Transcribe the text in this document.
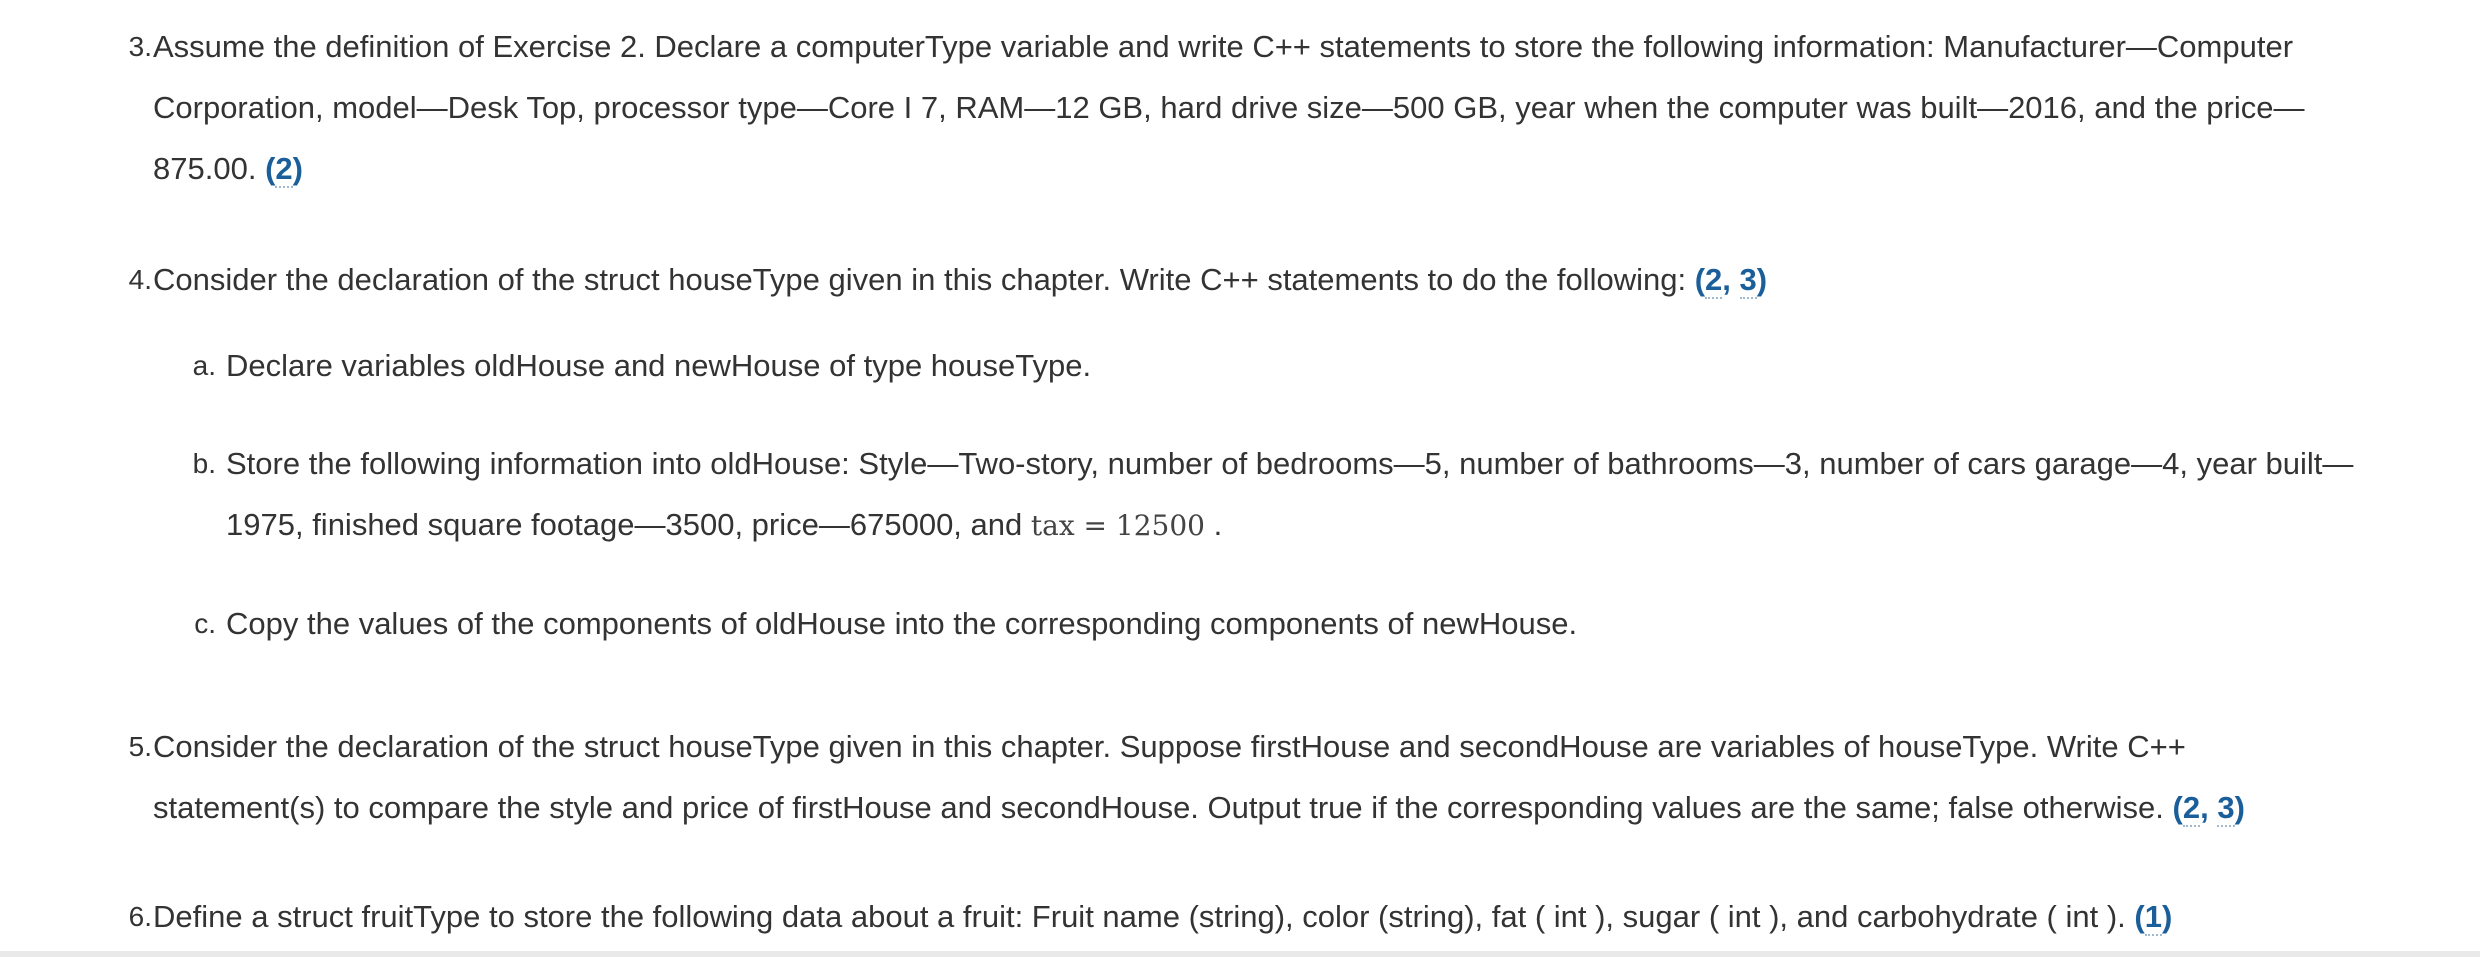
3. Assume the definition of Exercise 2. Declare a computerType variable and write C++ statements to store the following information: Manufacturer—Computer Corporation, model—Desk Top, processor type—Core I 7, RAM—12 GB, hard drive size—500 GB, year when the computer was built—2016, and the price—875.00. (2)
4. Consider the declaration of the struct houseType given in this chapter. Write C++ statements to do the following: (2, 3)
a. Declare variables oldHouse and newHouse of type houseType.
b. Store the following information into oldHouse: Style—Two-story, number of bedrooms—5, number of bathrooms—3, number of cars garage—4, year built—1975, finished square footage—3500, price—675000, and tax = 12500 .
c. Copy the values of the components of oldHouse into the corresponding components of newHouse.
5. Consider the declaration of the struct houseType given in this chapter. Suppose firstHouse and secondHouse are variables of houseType. Write C++ statement(s) to compare the style and price of firstHouse and secondHouse. Output true if the corresponding values are the same; false otherwise. (2, 3)
6. Define a struct fruitType to store the following data about a fruit: Fruit name (string), color (string), fat ( int ), sugar ( int ), and carbohydrate ( int ). (1)
